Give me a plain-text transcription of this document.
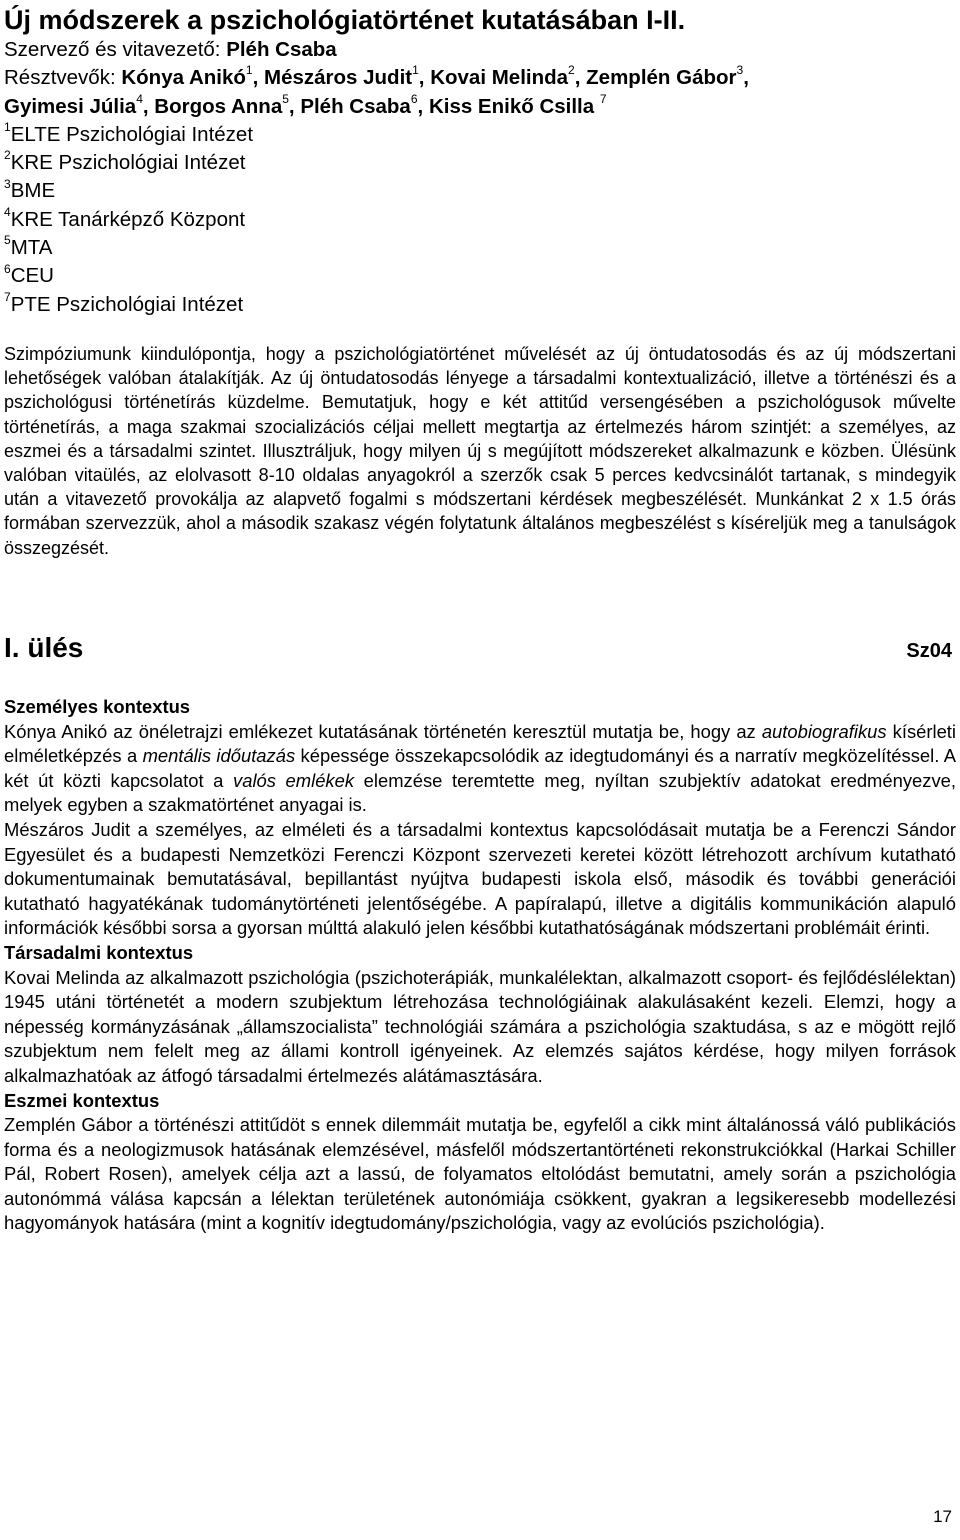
Új módszerek a pszichológiatörténet kutatásában I-II.
Szervező és vitavezető: Pléh Csaba
Résztvevők: Kónya Anikó$^1$, Mészáros Judit$^1$, Kovai Melinda$^2$, Zemplén Gábor$^3$,
Gyimesi Júlia$^4$, Borgos Anna$^5$, Pléh Csaba$^6$, Kiss Enikő Csilla $^7$
$^1$ELTE Pszichológiai Intézet
$^2$KRE Pszichológiai Intézet
$^3$BME
$^4$KRE Tanárképző Központ
$^5$MTA
$^6$CEU
$^7$PTE Pszichológiai Intézet

Szimpóziumunk kiindulópontja, hogy a pszichológiatörténet művelését az új öntudatosodás és az új módszertani lehetőségek valóban átalakítják. Az új öntudatosodás lényege a társadalmi kontextualizáció, illetve a történészi és a pszichológusi történetírás küzdelme. Bemutatjuk, hogy e két attitűd versengésében a pszichológusok művelte történetírás, a maga szakmai szocializációs céljai mellett megtartja az értelmezés három szintjét: a személyes, az eszmei és a társadalmi szintet. Illusztráljuk, hogy milyen új s megújított módszereket alkalmazunk e közben. Ülésünk valóban vitaülés, az elolvasott 8-10 oldalas anyagokról a szerzők csak 5 perces kedvcsinálót tartanak, s mindegyik után a vitavezető provokálja az alapvető fogalmi s módszertani kérdések megbeszélését. Munkánkat 2 x 1.5 órás formában szervezzük, ahol a második szakasz végén folytatunk általános megbeszélést s kíséreljük meg a tanulságok összegzését.

I. ülés	Sz04
Személyes kontextus

Kónya Anikó az önéletrajzi emlékezet kutatásának történetén keresztül mutatja be, hogy az autobiografikus kísérleti elméletképzés a mentális időutazás képessége összekapcsolódik az idegtudományi és a narratív megközelítéssel. A két út közti kapcsolatot a valós emlékek elemzése teremtette meg, nyíltan szubjektív adatokat eredményezve, melyek egyben a szakmatörténet anyagai is.

Mészáros Judit a személyes, az elméleti és a társadalmi kontextus kapcsolódásait mutatja be a Ferenczi Sándor Egyesület és a budapesti Nemzetközi Ferenczi Központ szervezeti keretei között létrehozott archívum kutatható dokumentumainak bemutatásával, bepillantást nyújtva budapesti iskola első, második és további generációi kutatható hagyatékának tudománytörténeti jelentőségébe. A papíralapú, illetve a digitális kommunikáción alapuló információk későbbi sorsa a gyorsan múlttá alakuló jelen későbbi kutathatóságának módszertani problémáit érinti.

Társadalmi kontextus

Kovai Melinda az alkalmazott pszichológia (pszichoterápiák, munkalélektan, alkalmazott csoport- és fejlődéslélektan) 1945 utáni történetét a modern szubjektum létrehozása technológiáinak alakulásaként kezeli. Elemzi, hogy a népesség kormányzásának „államszocialista” technológiái számára a pszichológia szaktudása, s az e mögött rejlő szubjektum nem felelt meg az állami kontroll igényeinek. Az elemzés sajátos kérdése, hogy milyen források alkalmazhatóak az átfogó társadalmi értelmezés alátámasztására.

Eszmei kontextus

Zemplén Gábor a történészi attitűdöt s ennek dilemmáit mutatja be, egyfelől a cikk mint általánossá váló publikációs forma és a neologizmusok hatásának elemzésével, másfelől módszertantörténeti rekonstrukciókkal (Harkai Schiller Pál, Robert Rosen), amelyek célja azt a lassú, de folyamatos eltolódást bemutatni, amely során a pszichológia autonómmá válása kapcsán a lélektan területének autonómiája csökkent, gyakran a legsikeresebb modellezési hagyományok hatására (mint a kognitív idegtudomány/pszichológia, vagy az evolúciós pszichológia).

17
